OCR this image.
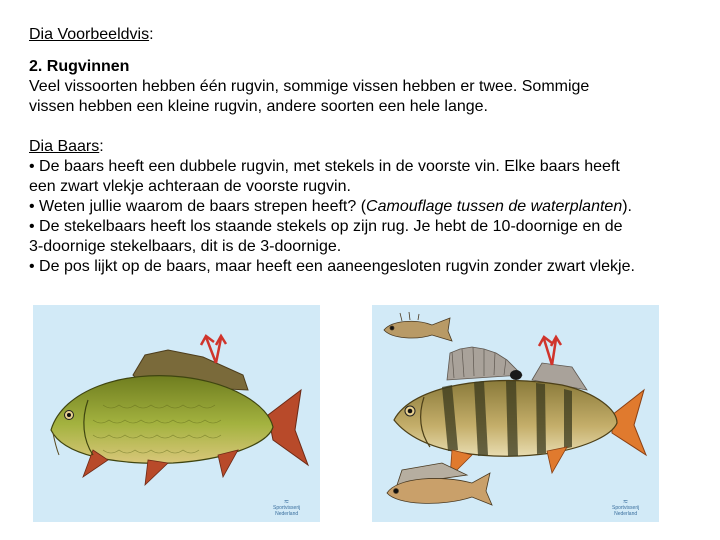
Dia Voorbeeldvis:

2. Rugvinnen

Veel vissoorten hebben één rugvin, sommige vissen hebben er twee. Sommige

vissen hebben een kleine rugvin, andere soorten een hele lange.

Dia Baars:

• De baars heeft een dubbele rugvin, met stekels in de voorste vin. Elke baars heeft

een zwart vlekje achteraan de voorste rugvin.

• Weten jullie waarom de baars strepen heeft? (Camouflage tussen de waterplanten).

• De stekelbaars heeft los staande stekels op zijn rug. Je hebt de 10-doornige en de

3-doornige stekelbaars, dit is de 3-doornige.

• De pos lijkt op de baars, maar heeft een aaneengesloten rugvin zonder zwart vlekje.

≈
Sportvisserij
Nederland
≈
Sportvisserij
Nederland
